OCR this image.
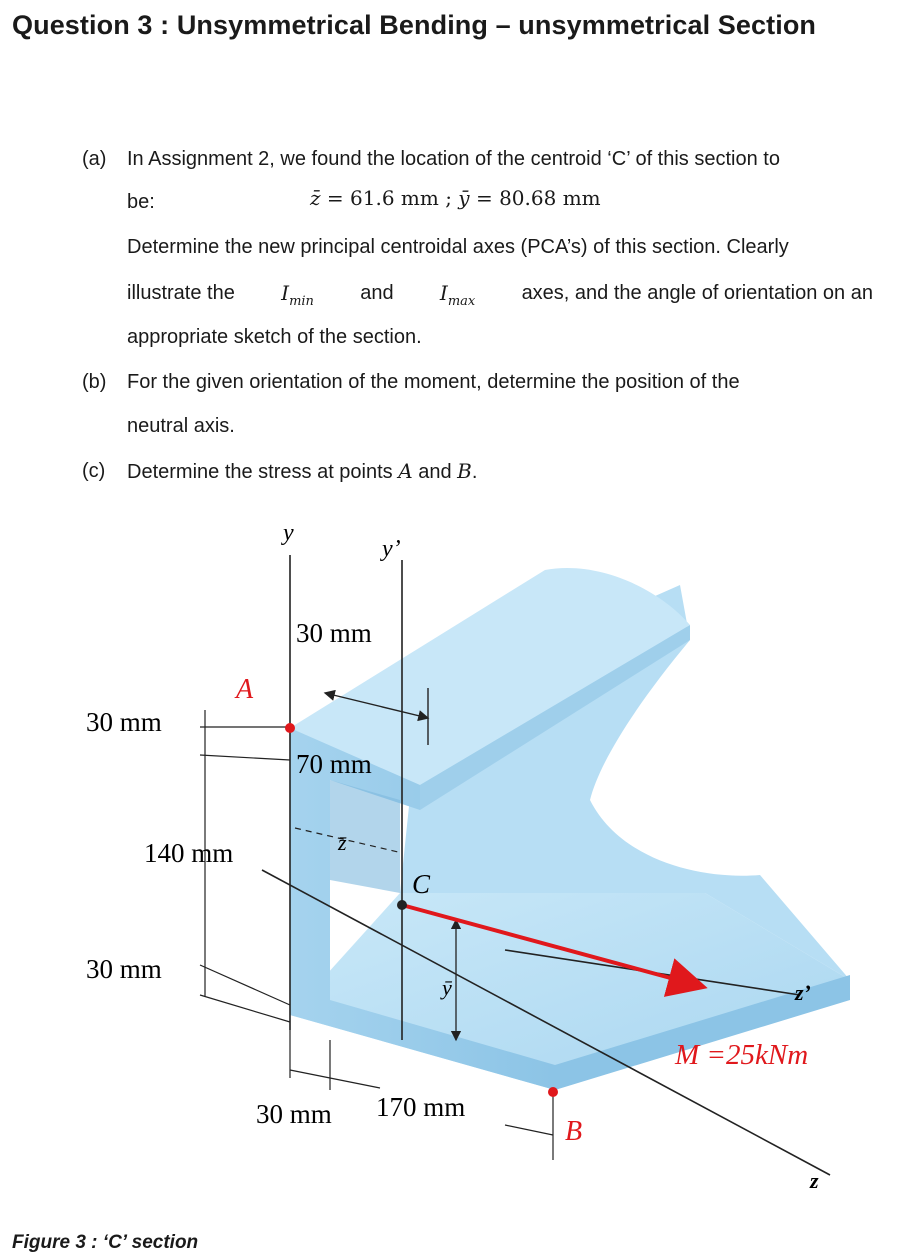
Question 3 : Unsymmetrical Bending – unsymmetrical Section
(a) In Assignment 2, we found the location of the centroid ‘C’ of this section to
be:	z̄ = 61.6 mm ; ȳ = 80.68 mm
Determine the new principal centroidal axes (PCA’s) of this section. Clearly
illustrate the $I_{min}$ and $I_{max}$ axes, and the angle of orientation on an
appropriate sketch of the section.
(b) For the given orientation of the moment, determine the position of the
neutral axis.
(c) Determine the stress at points A and B.
y
y’
30 mm
A
30 mm
70 mm
140 mm	z̄
C
30 mm
ȳ	z’
M =25kNm
30 mm 170 mm
B
z
Figure 3 : ‘C’ section
